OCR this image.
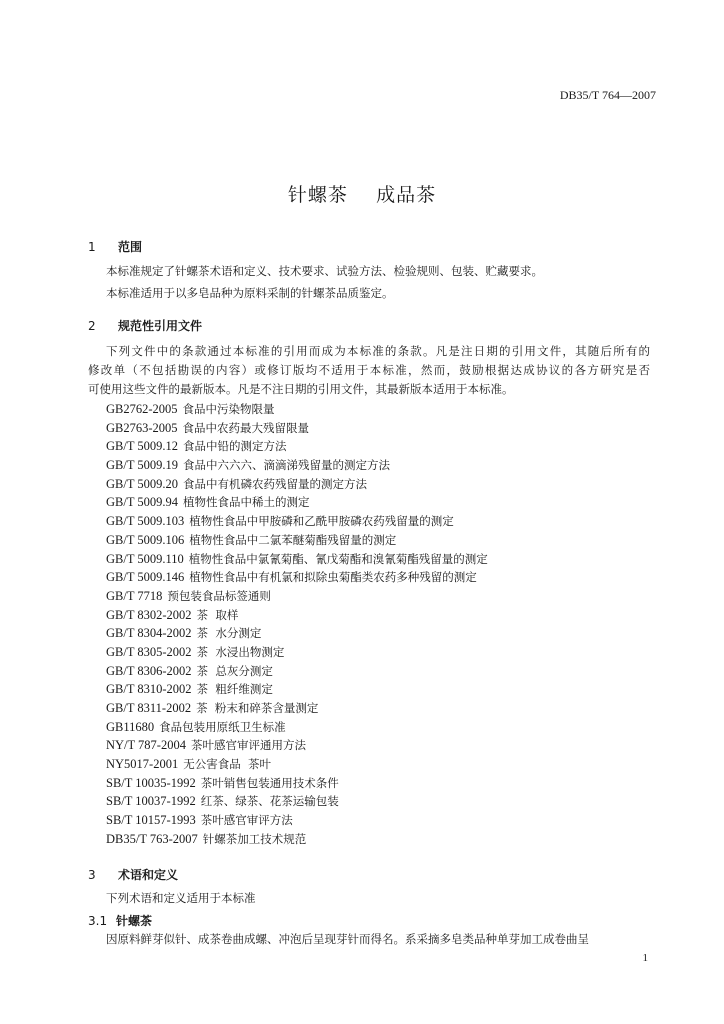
DB35/T 764—2007
针螺茶    成品茶
1 范围
本标准规定了针螺茶术语和定义、技术要求、试验方法、检验规则、包装、贮藏要求。
本标准适用于以多皂品种为原料采制的针螺茶品质鉴定。
2 规范性引用文件
下列文件中的条款通过本标准的引用而成为本标准的条款。凡是注日期的引用文件，其随后所有的
修改单（不包括勘误的内容）或修订版均不适用于本标准，然而，鼓励根据达成协议的各方研究是否
可使用这些文件的最新版本。凡是不注日期的引用文件，其最新版本适用于本标准。
GB2762-2005 食品中污染物限量
GB2763-2005 食品中农药最大残留限量
GB/T 5009.12 食品中铅的测定方法
GB/T 5009.19 食品中六六六、滴滴涕残留量的测定方法
GB/T 5009.20 食品中有机磷农药残留量的测定方法
GB/T 5009.94 植物性食品中稀土的测定
GB/T 5009.103 植物性食品中甲胺磷和乙酰甲胺磷农药残留量的测定
GB/T 5009.106 植物性食品中二氯苯醚菊酯残留量的测定
GB/T 5009.110 植物性食品中氯氰菊酯、氰戊菊酯和溴氰菊酯残留量的测定
GB/T 5009.146 植物性食品中有机氯和拟除虫菊酯类农药多种残留的测定
GB/T 7718 预包装食品标签通则
GB/T 8302-2002 茶  取样
GB/T 8304-2002 茶  水分测定
GB/T 8305-2002 茶  水浸出物测定
GB/T 8306-2002 茶  总灰分测定
GB/T 8310-2002 茶  粗纤维测定
GB/T 8311-2002 茶  粉末和碎茶含量测定
GB11680 食品包装用原纸卫生标准
NY/T 787-2004 茶叶感官审评通用方法
NY5017-2001 无公害食品  茶叶
SB/T 10035-1992 茶叶销售包装通用技术条件
SB/T 10037-1992 红茶、绿茶、花茶运输包装
SB/T 10157-1993 茶叶感官审评方法
DB35/T 763-2007 针螺茶加工技术规范
3 术语和定义
下列术语和定义适用于本标准
3.1 针螺茶
因原料鲜芽似针、成茶卷曲成螺、冲泡后呈现芽针而得名。系采摘多皂类品种单芽加工成卷曲呈
1
